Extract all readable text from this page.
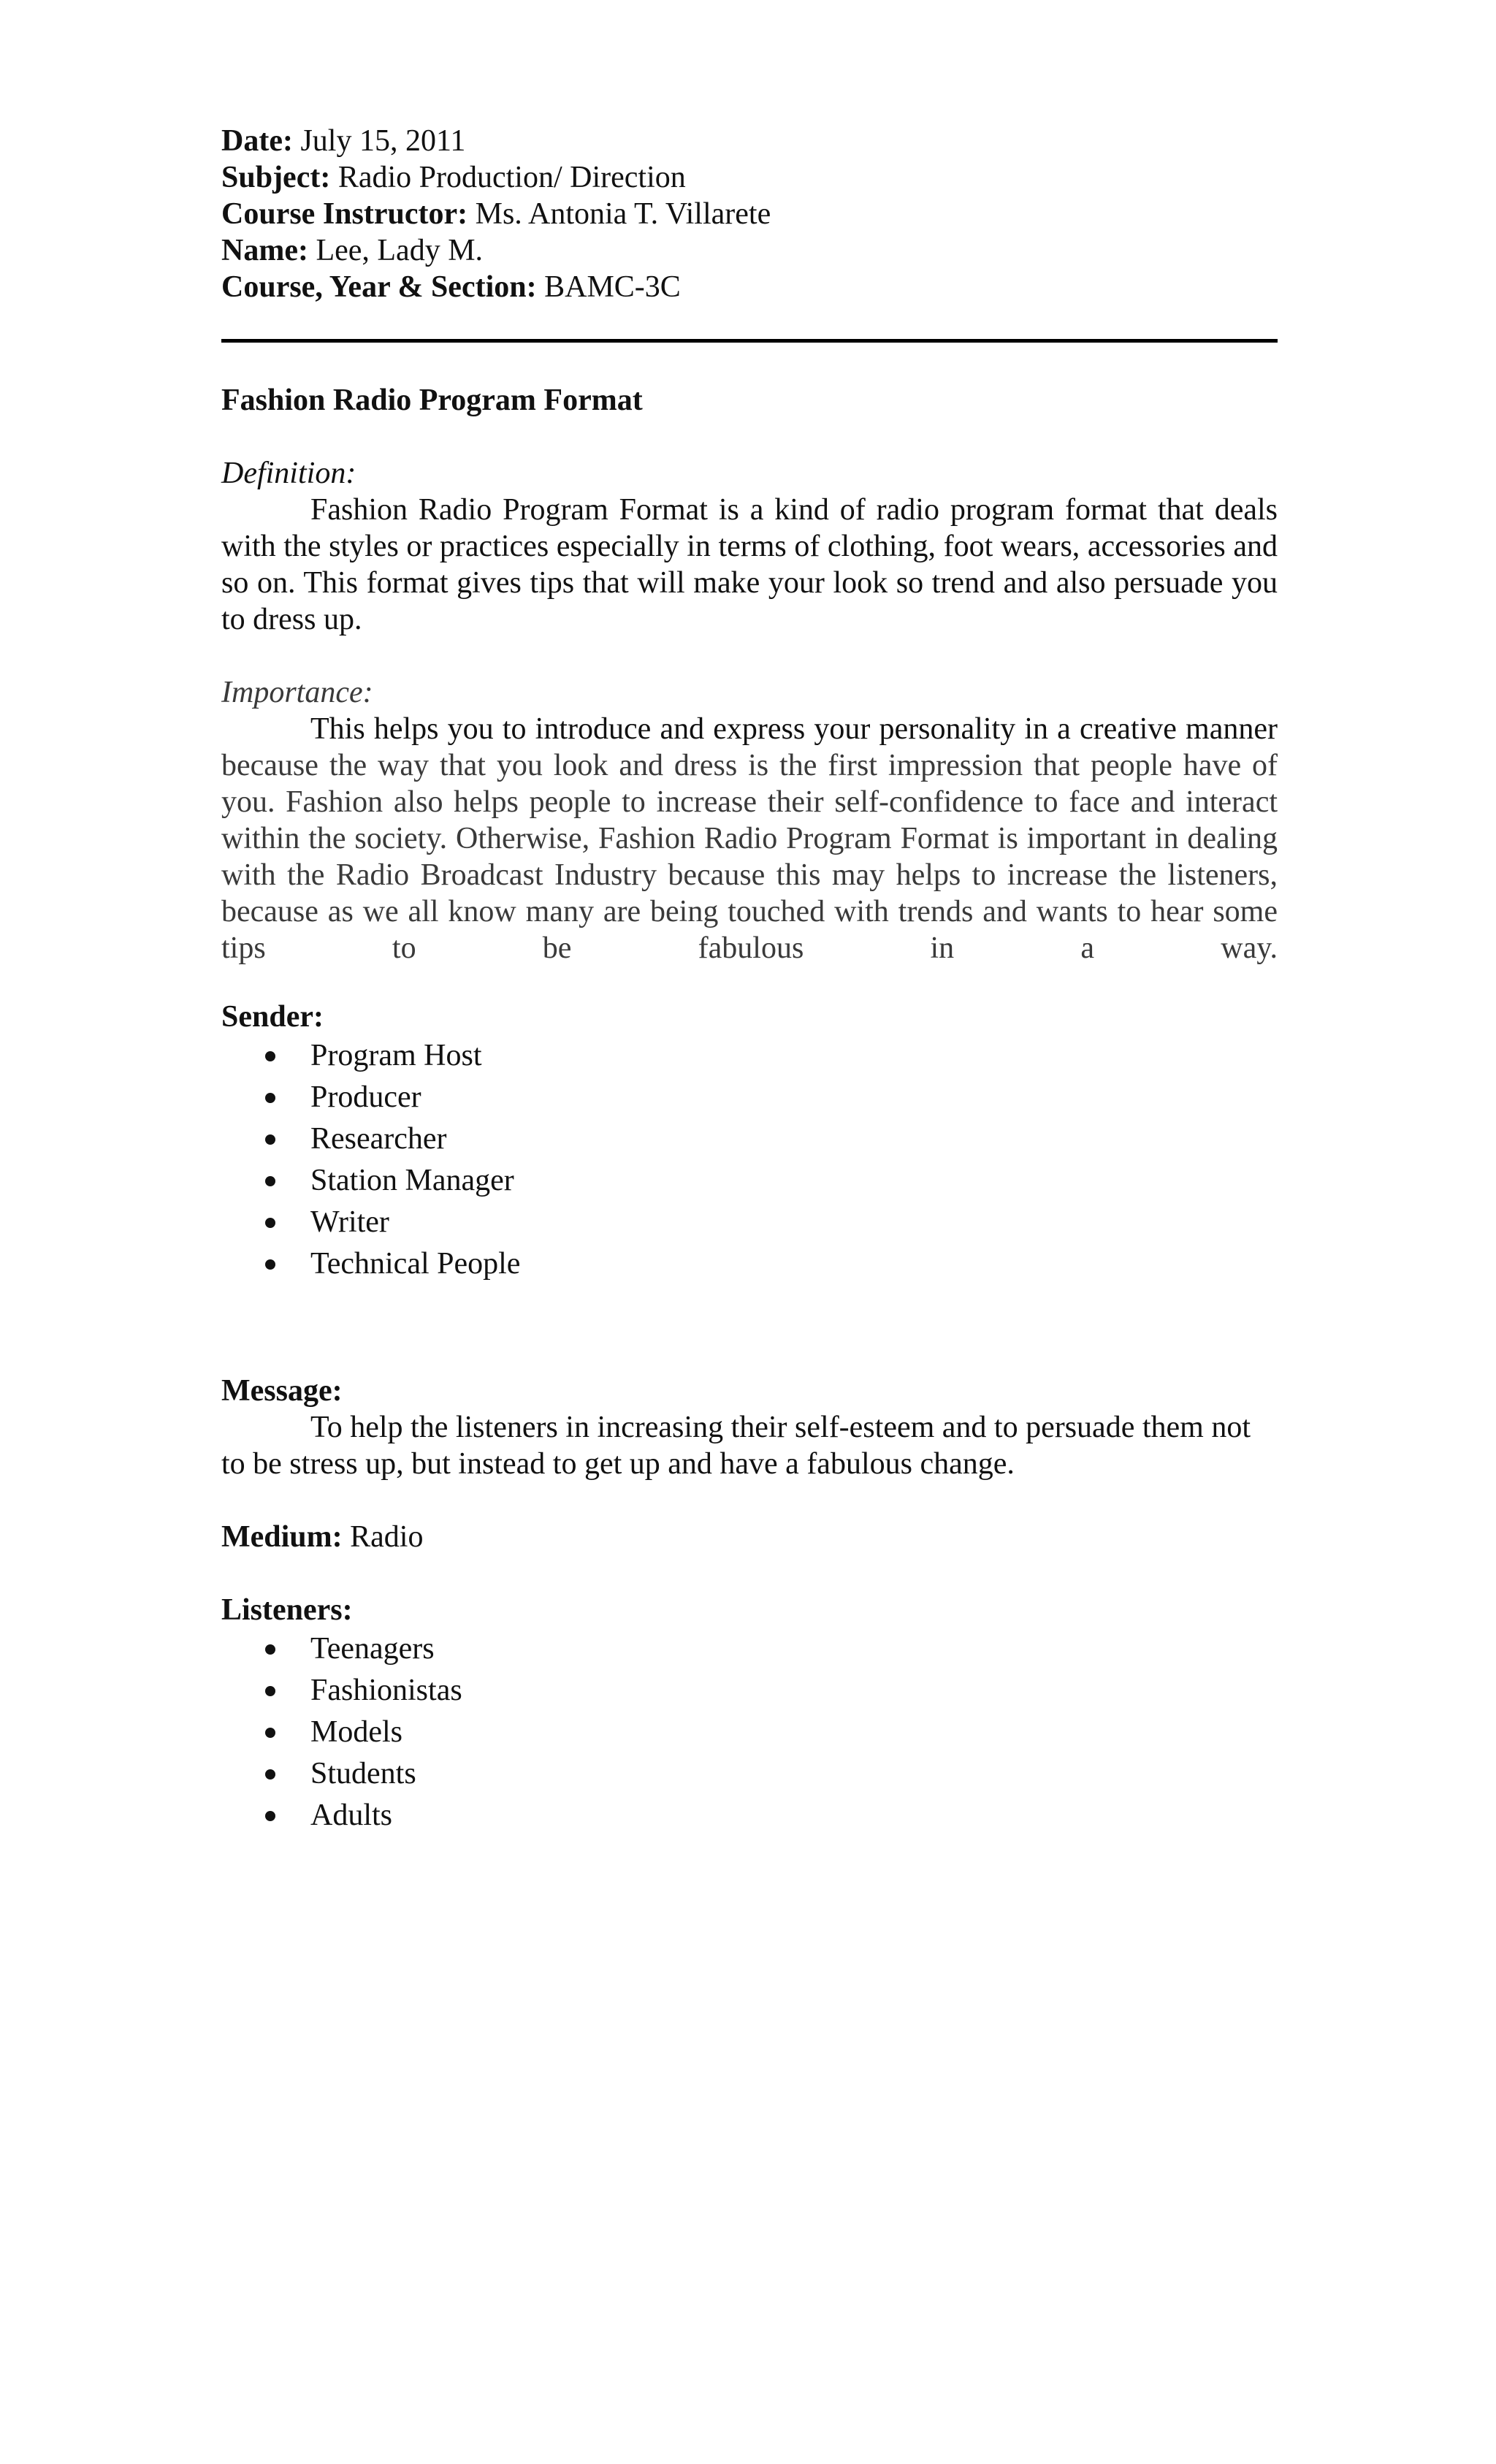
Date: July 15, 2011
Subject: Radio Production/ Direction
Course Instructor: Ms. Antonia T. Villarete
Name: Lee, Lady M.
Course, Year & Section: BAMC-3C
Fashion Radio Program Format
Definition:
Fashion Radio Program Format is a kind of radio program format that deals with the styles or practices especially in terms of clothing, foot wears, accessories and so on. This format gives tips that will make your look so trend and also persuade you to dress up.
Importance:
This helps you to introduce and express your personality in a creative manner because the way that you look and dress is the first impression that people have of you. Fashion also helps people to increase their self-confidence to face and interact within the society. Otherwise, Fashion Radio Program Format is important in dealing with the Radio Broadcast Industry because this may helps to increase the listeners, because as we all know many are being touched with trends and wants to hear some tips to be fabulous in a way.
Sender:
Program Host
Producer
Researcher
Station Manager
Writer
Technical People
Message:
To help the listeners in increasing their self-esteem and to persuade them not to be stress up, but instead to get up and have a fabulous change.
Medium: Radio
Listeners:
Teenagers
Fashionistas
Models
Students
Adults
